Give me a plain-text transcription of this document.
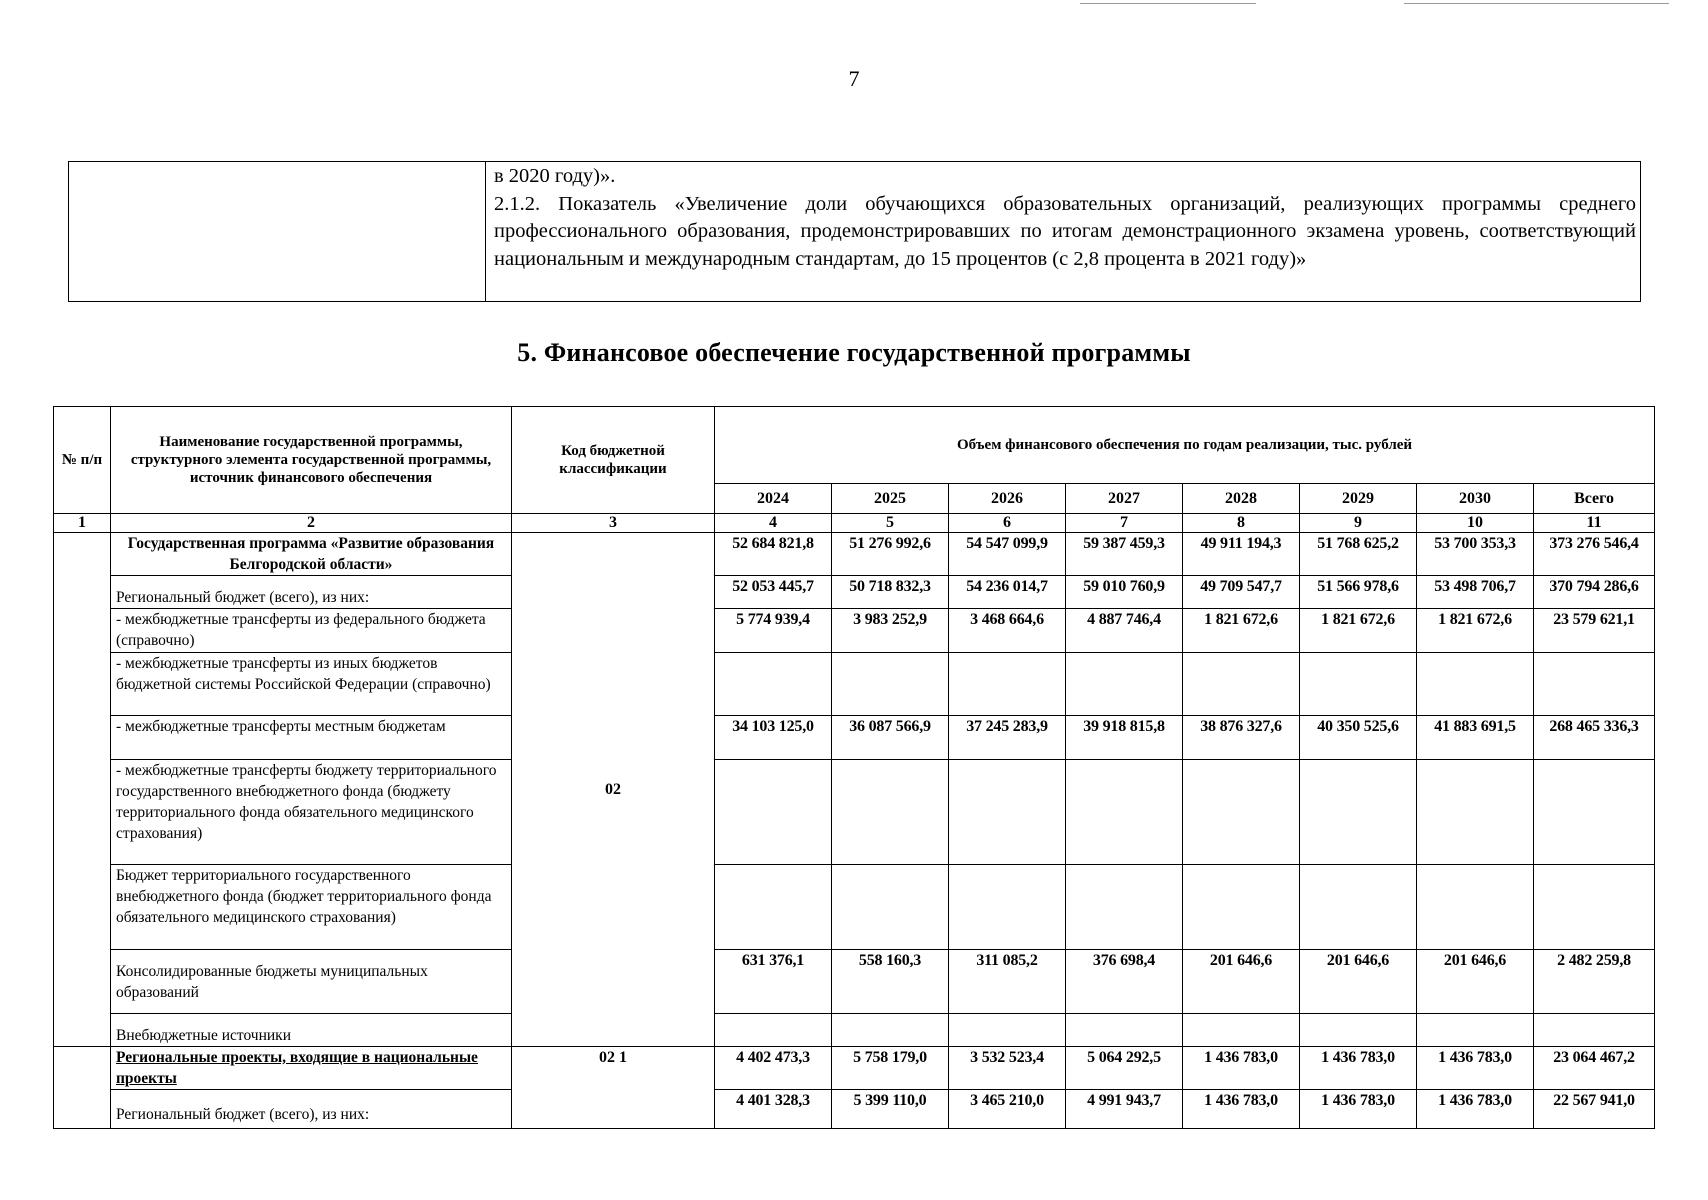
7

в 2020 году)».

2.1.2. Показатель «Увеличение доли обучающихся образовательных организаций, реализующих программы среднего профессионального образования, продемонстрировавших по итогам демонстрационного экзамена уровень, соответствующий национальным и международным стандартам, до 15 процентов (с 2,8 процента в 2021 году)»

5. Финансовое обеспечение государственной программы
№ п/п	Наименование государственной программы, структурного элемента государственной программы, источник финансового обеспечения	Код бюджетной классификации	Объем финансового обеспечения по годам реализации, тыс. рублей							
			2024	2025	2026	2027	2028	2029	2030	Всего
1	2	3	4	5	6	7	8	9	10	11
	Государственная программа «Развитие образования Белгородской области»	02	52 684 821,8	51 276 992,6	54 547 099,9	59 387 459,3	49 911 194,3	51 768 625,2	53 700 353,3	373 276 546,4
	Региональный бюджет (всего), из них:		52 053 445,7	50 718 832,3	54 236 014,7	59 010 760,9	49 709 547,7	51 566 978,6	53 498 706,7	370 794 286,6
	- межбюджетные трансферты из федерального бюджета (справочно)		5 774 939,4	3 983 252,9	3 468 664,6	4 887 746,4	1 821 672,6	1 821 672,6	1 821 672,6	23 579 621,1
	- межбюджетные трансферты из иных бюджетов бюджетной системы Российской Федерации (справочно)									
	- межбюджетные трансферты местным бюджетам		34 103 125,0	36 087 566,9	37 245 283,9	39 918 815,8	38 876 327,6	40 350 525,6	41 883 691,5	268 465 336,3
	- межбюджетные трансферты бюджету территориального государственного внебюджетного фонда (бюджету территориального фонда обязательного медицинского страхования)									
	Бюджет территориального государственного внебюджетного фонда (бюджет территориального фонда обязательного медицинского страхования)									
	Консолидированные бюджеты муниципальных образований		631 376,1	558 160,3	311 085,2	376 698,4	201 646,6	201 646,6	201 646,6	2 482 259,8
	Внебюджетные источники									
	Региональные проекты, входящие в национальные проекты	02 1	4 402 473,3	5 758 179,0	3 532 523,4	5 064 292,5	1 436 783,0	1 436 783,0	1 436 783,0	23 064 467,2
	Региональный бюджет (всего), из них:		4 401 328,3	5 399 110,0	3 465 210,0	4 991 943,7	1 436 783,0	1 436 783,0	1 436 783,0	22 567 941,0
